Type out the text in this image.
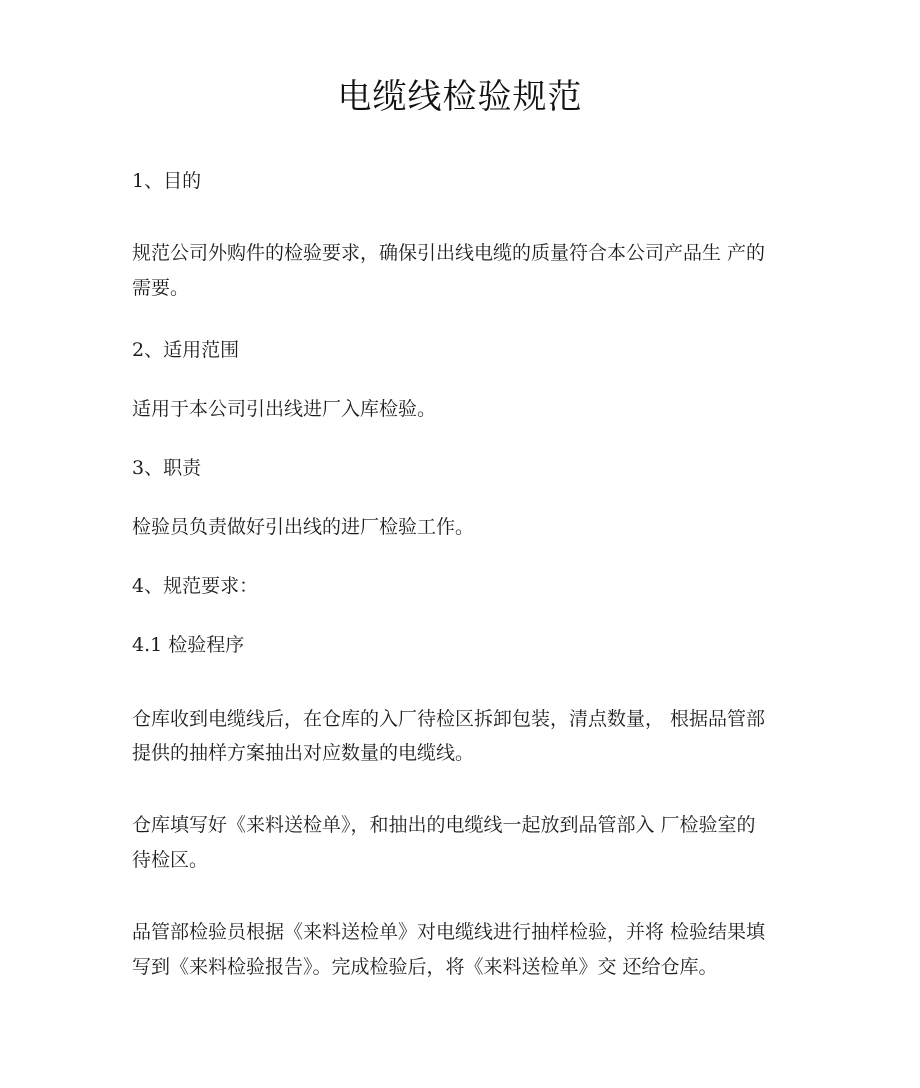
电缆线检验规范
1、目的
规范公司外购件的检验要求，确保引出线电缆的质量符合本公司产品生 产的
需要。
2、适用范围
适用于本公司引出线进厂入库检验。
3、职责
检验员负责做好引出线的进厂检验工作。
4、规范要求：
4.1 检验程序
仓库收到电缆线后，在仓库的入厂待检区拆卸包装，清点数量， 根据品管部
提供的抽样方案抽出对应数量的电缆线。
仓库填写好《来料送检单》，和抽出的电缆线一起放到品管部入 厂检验室的
待检区。
品管部检验员根据《来料送检单》对电缆线进行抽样检验，并将 检验结果填
写到《来料检验报告》。完成检验后，将《来料送检单》交 还给仓库。
